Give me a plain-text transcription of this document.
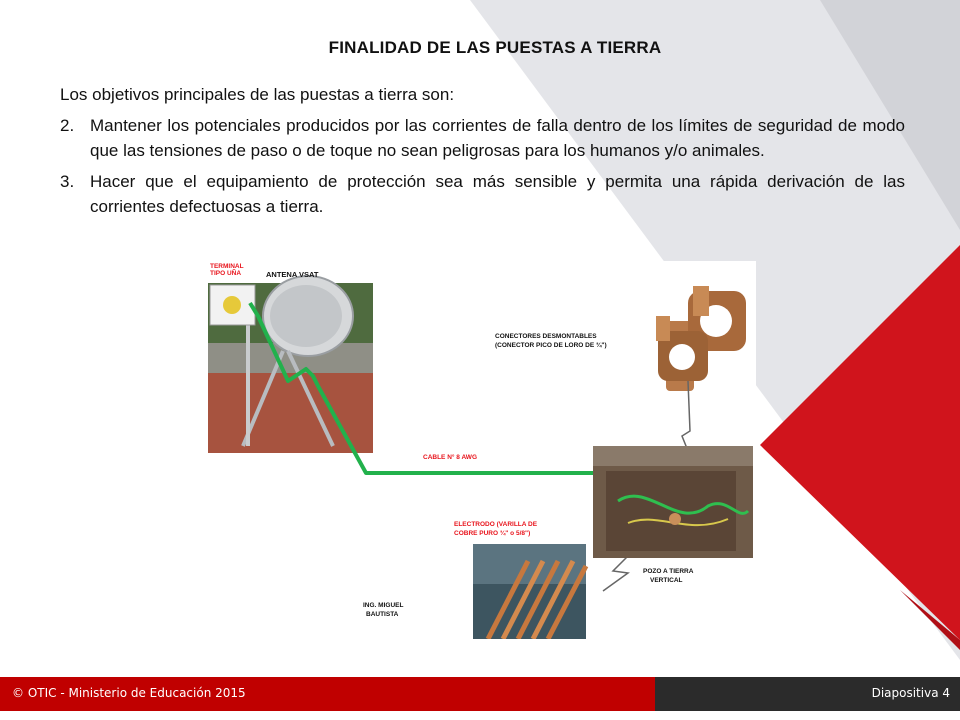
FINALIDAD DE LAS PUESTAS A TIERRA
Los objetivos principales de las puestas a tierra son:
2. Mantener los potenciales producidos por las corrientes de falla dentro de los límites de seguridad de modo que las tensiones de paso o de toque no sean peligrosas para los humanos y/o animales.
3. Hacer que el equipamiento de protección sea más sensible y permita una rápida derivación de las corrientes defectuosas a tierra.
TERMINAL
TIPO UÑA	ANTENA VSAT
CONECTORES DESMONTABLES
(CONECTOR PICO DE LORO DE ¾")
CABLE N° 8 AWG
ELECTRODO (VARILLA DE
COBRE PURO ¾" o 5/8")
POZO A TIERRA
VERTICAL
ING. MIGUEL
BAUTISTA
© OTIC - Ministerio de Educación 2015	Diapositiva 4
